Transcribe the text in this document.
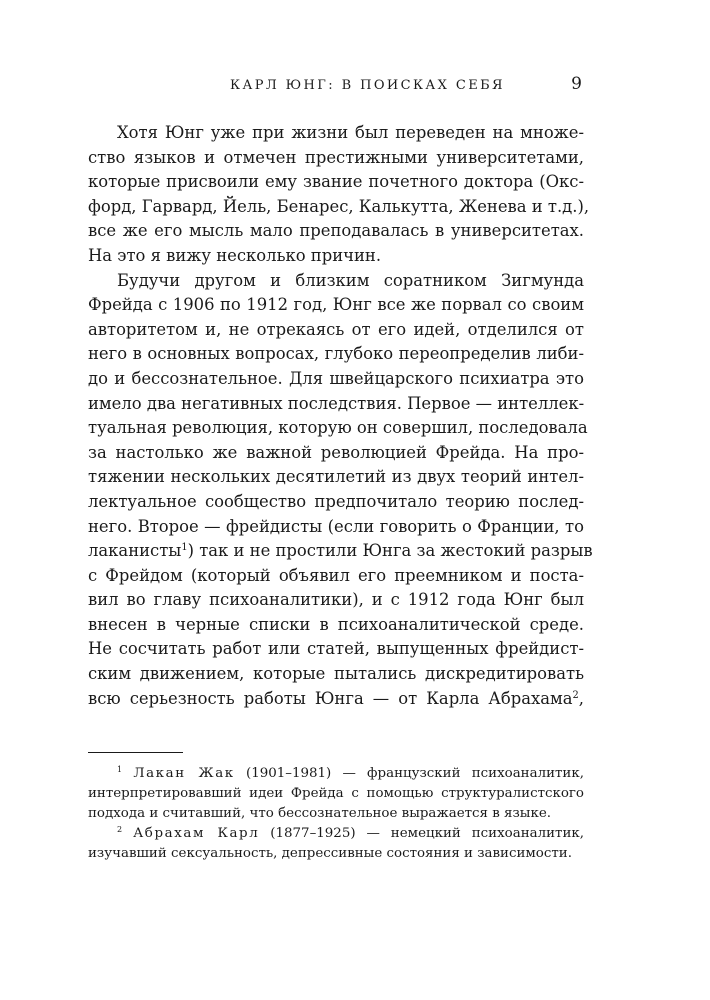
КАРЛ ЮНГ: В ПОИСКАХ СЕБЯ	9

Хотя Юнг уже при жизни был переведен на множе-
ство языков и отмечен престижными университетами,
которые присвоили ему звание почетного доктора (Окс-
форд, Гарвард, Йель, Бенарес, Калькутта, Женева и т.д.),
все же его мысль мало преподавалась в университетах.
На это я вижу несколько причин.

Будучи другом и близким соратником Зигмунда
Фрейда с 1906 по 1912 год, Юнг все же порвал со своим
авторитетом и, не отрекаясь от его идей, отделился от
него в основных вопросах, глубоко переопределив либи-
до и бессознательное. Для швейцарского психиатра это
имело два негативных последствия. Первое — интеллек-
туальная революция, которую он совершил, последовала
за настолько же важной революцией Фрейда. На про-
тяжении нескольких десятилетий из двух теорий интел-
лектуальное сообщество предпочитало теорию послед-
него. Второе — фрейдисты (если говорить о Франции, то
лаканисты$^1$) так и не простили Юнга за жестокий разрыв
с Фрейдом (который объявил его преемником и поста-
вил во главу психоаналитики), и с 1912 года Юнг был
внесен в черные списки в психоаналитической среде.
Не сосчитать работ или статей, выпущенных фрейдист-
ским движением, которые пытались дискредитировать
всю серьезность работы Юнга — от Карла Абрахама$^2$,

$^1$ Лакан Жак (1901–1981) — французский психоаналитик,
интерпретировавший идеи Фрейда с помощью структуралистского
подхода и считавший, что бессознательное выражается в языке.
$^2$ Абрахам Карл (1877–1925) — немецкий психоаналитик,
изучавший сексуальность, депрессивные состояния и зависимости.
